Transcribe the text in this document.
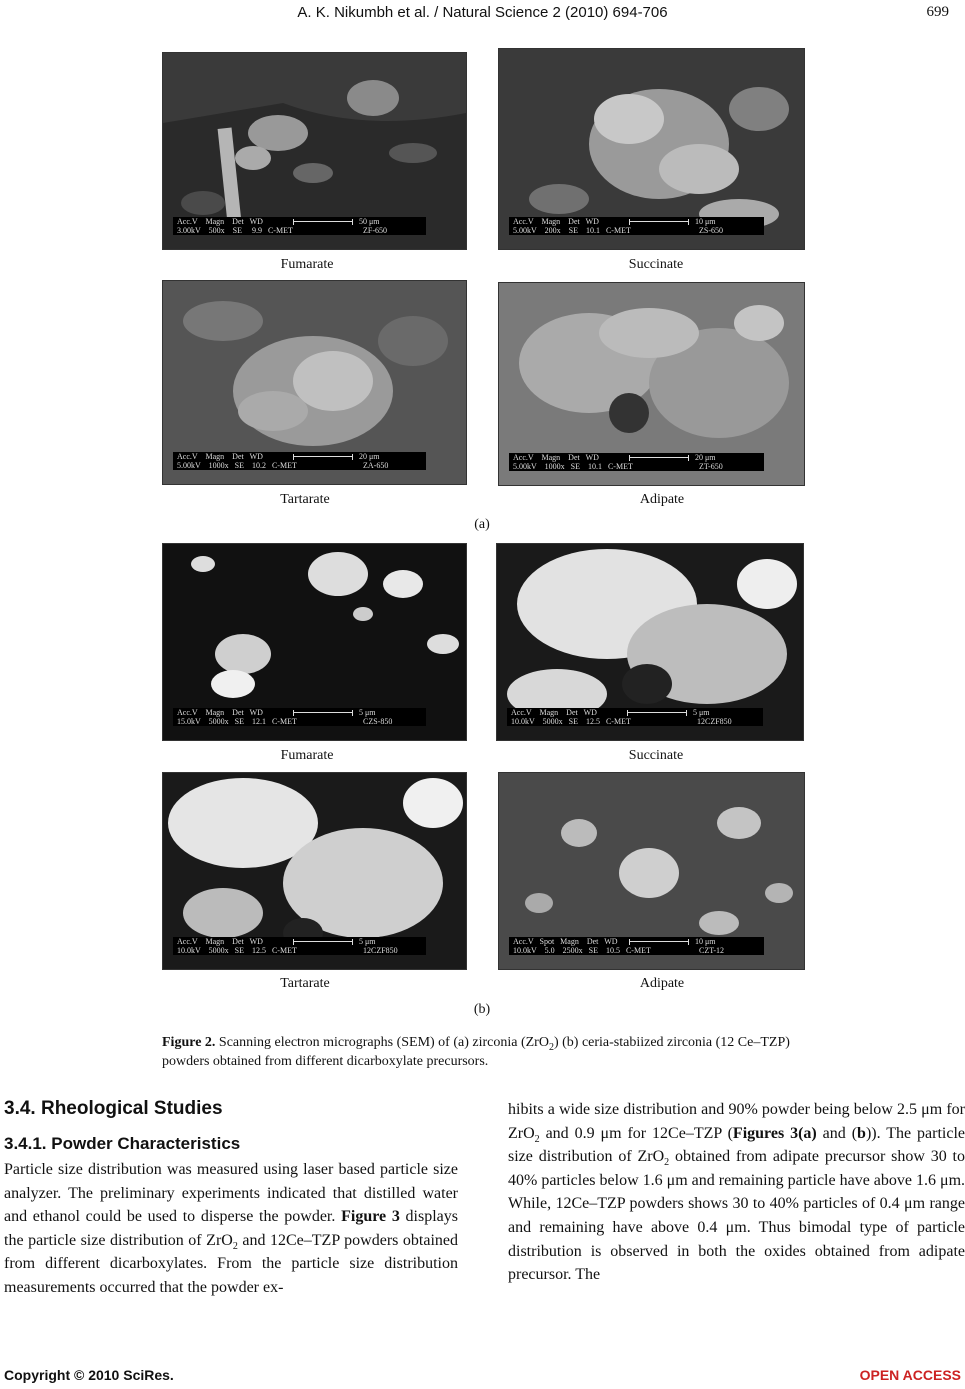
A. K. Nikumbh et al. / Natural Science 2 (2010) 694-706	699

Acc.V    Magn    Det   WD
3.00kV    500x    SE     9.9   C-MET

50 μm
ZF-650

Acc.V    Magn    Det   WD
5.00kV    200x    SE    10.1   C-MET

10 μm
ZS-650

Fumarate	Succinate

Acc.V    Magn    Det   WD
5.00kV    1000x   SE    10.2   C-MET

20 μm
ZA-650

Acc.V    Magn    Det   WD
5.00kV    1000x   SE    10.1   C-MET

20 μm
ZT-650

Tartarate	Adipate
(a)

Acc.V    Magn    Det   WD
15.0kV    5000x   SE    12.1   C-MET

5 μm
CZS-850

Acc.V    Magn    Det   WD
10.0kV    5000x   SE    12.5   C-MET

5 μm
12CZF850

Fumarate	Succinate

Acc.V    Magn    Det   WD
10.0kV    5000x   SE    12.5   C-MET

5 μm
12CZF850

Acc.V   Spot   Magn    Det   WD
10.0kV    5.0    2500x   SE    10.5   C-MET

10 μm
CZT-12

Tartarate	Adipate
(b)
Figure 2. Scanning electron micrographs (SEM) of (a) zirconia (ZrO$_2$) (b) ceria-stabiized zirconia (12 Ce–TZP) powders obtained from different dicarboxylate precursors.
3.4. Rheological Studies
3.4.1. Powder Characteristics

Particle size distribution was measured using laser based particle size analyzer. The preliminary experiments indicated that distilled water and ethanol could be used to disperse the powder. Figure 3 displays the particle size distribution of ZrO$_2$ and 12Ce–TZP powders obtained from different dicarboxylates. From the particle size distribution measurements occurred that the powder ex-

hibits a wide size distribution and 90% powder being below 2.5 μm for ZrO$_2$ and 0.9 μm for 12Ce–TZP (Figures 3(a) and (b)). The particle size distribution of ZrO$_2$ obtained from adipate precursor show 30 to 40% particles below 1.6 μm and remaining particle have above 1.6 μm. While, 12Ce–TZP powders shows 30 to 40% particles of 0.4 μm range and remaining have above 0.4 μm. Thus bimodal type of particle distribution is observed in both the oxides obtained from adipate precursor. The

Copyright © 2010 SciRes.	OPEN ACCESS
